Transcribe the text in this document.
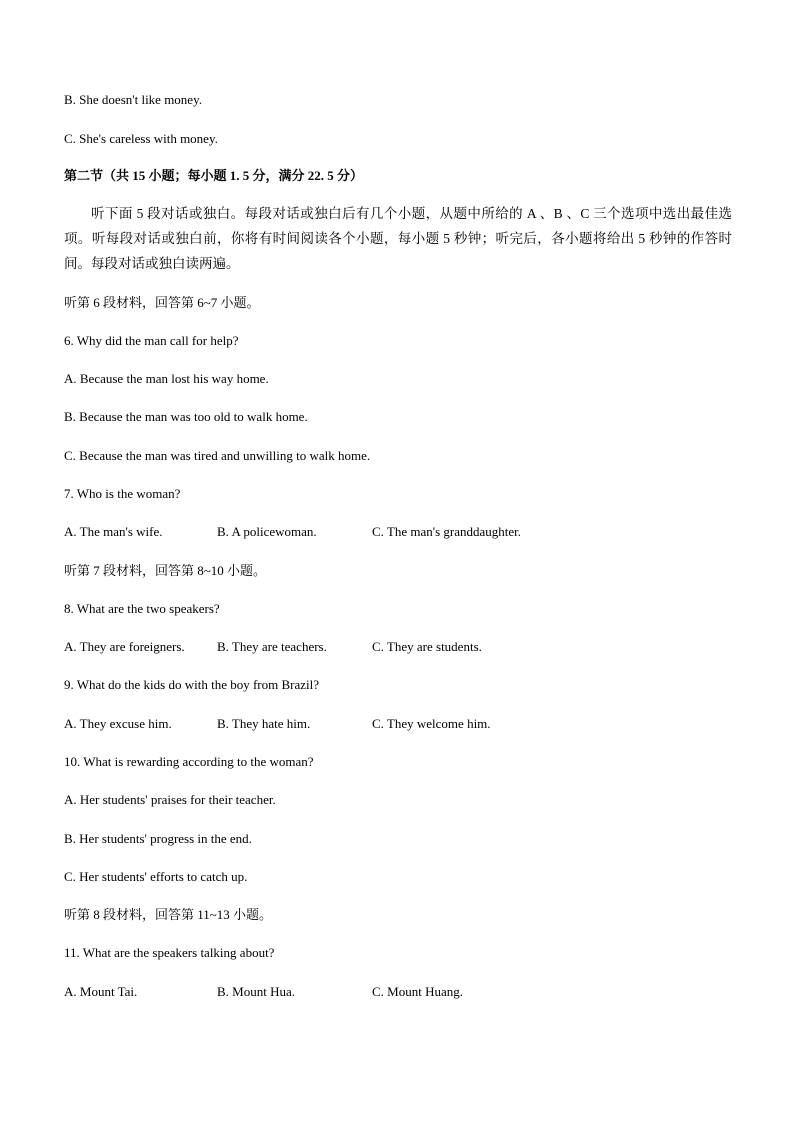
B. She doesn't like money.
C. She's careless with money.
第二节（共 15 小题；每小题 1. 5 分，满分 22. 5 分）
听下面 5 段对话或独白。每段对话或独白后有几个小题，从题中所给的 A 、B 、C 三个选项中选出最佳选项。听每段对话或独白前，你将有时间阅读各个小题，每小题 5 秒钟；听完后，各小题将给出 5 秒钟的作答时间。每段对话或独白读两遍。
听第 6 段材料，回答第 6~7 小题。
6. Why did the man call for help?
A. Because the man lost his way home.
B. Because the man was too old to walk home.
C. Because the man was tired and unwilling to walk home.
7. Who is the woman?
A. The man's wife.	B. A policewoman.	C. The man's granddaughter.
听第 7 段材料，回答第 8~10 小题。
8. What are the two speakers?
A. They are foreigners. B. They are teachers.	C. They are students.
9. What do the kids do with the boy from Brazil?
A. They excuse him.	B. They hate him.	C. They welcome him.
10. What is rewarding according to the woman?
A. Her students' praises for their teacher.
B. Her students' progress in the end.
C. Her students' efforts to catch up.
听第 8 段材料，回答第 11~13 小题。
11. What are the speakers talking about?
A. Mount Tai.	B. Mount Hua.	C. Mount Huang.
